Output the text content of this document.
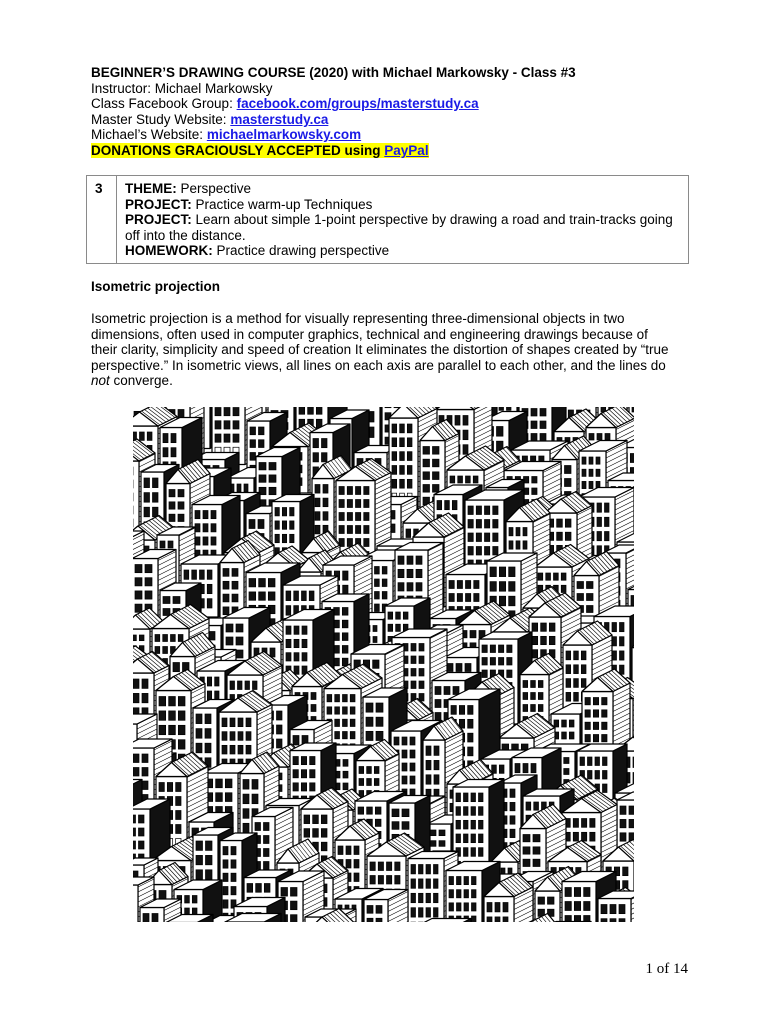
BEGINNER’S DRAWING COURSE (2020) with Michael Markowsky - Class #3
Instructor: Michael Markowsky
Class Facebook Group: facebook.com/groups/masterstudy.ca
Master Study Website: masterstudy.ca
Michael’s Website: michaelmarkowsky.com
DONATIONS GRACIOUSLY ACCEPTED using PayPal
3	THEME: Perspective
PROJECT: Practice warm-up Techniques
PROJECT: Learn about simple 1-point perspective by drawing a road and train-tracks going off into the distance.
HOMEWORK: Practice drawing perspective
Isometric projection
Isometric projection is a method for visually representing three-dimensional objects in two dimensions, often used in computer graphics, technical and engineering drawings because of their clarity, simplicity and speed of creation It eliminates the distortion of shapes created by “true perspective.” In isometric views, all lines on each axis are parallel to each other, and the lines do not converge.
1 of 14
